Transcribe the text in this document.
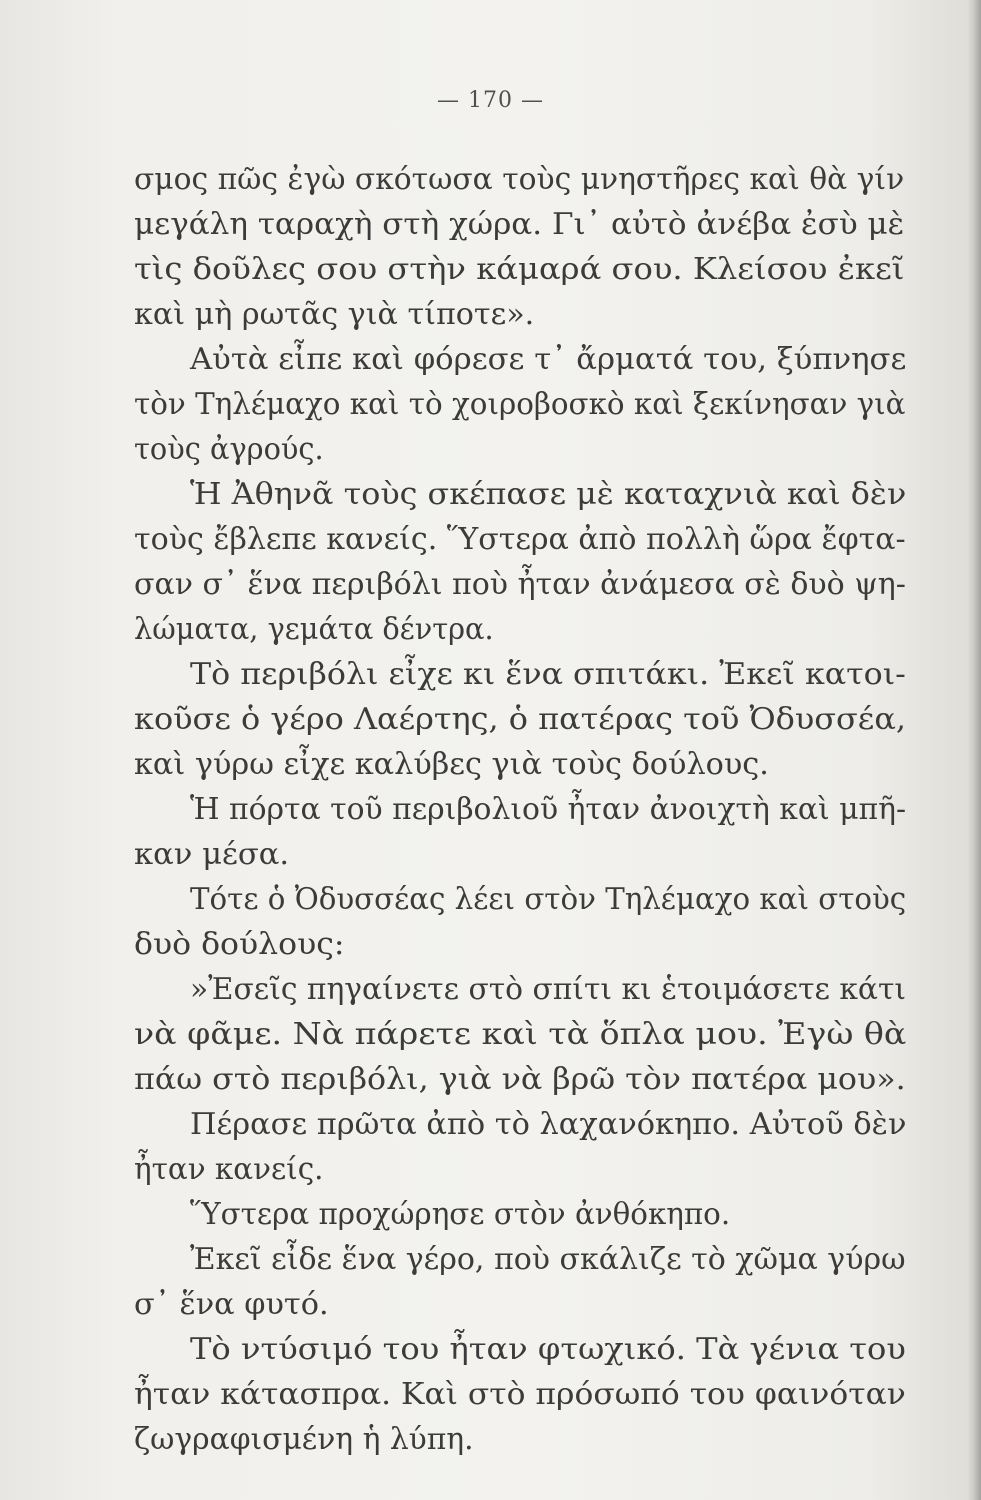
— 170 —
σμος πῶς ἐγὼ σκότωσα τοὺς μνηστῆρες καὶ θὰ γίν
μεγάλη ταραχὴ στὴ χώρα. Γι᾽ αὐτὸ ἀνέβα ἐσὺ μὲ
τὶς δοῦλες σου στὴν κάμαρά σου. Κλείσου ἐκεῖ
καὶ μὴ ρωτᾶς γιὰ τίποτε».
Αὐτὰ εἶπε καὶ φόρεσε τ᾽ ἄρματά του, ξύπνησε
τὸν Τηλέμαχο καὶ τὸ χοιροβοσκὸ καὶ ξεκίνησαν γιὰ
τοὺς ἀγρούς.
Ἡ Ἀθηνᾶ τοὺς σκέπασε μὲ καταχνιὰ καὶ δὲν
τοὺς ἔβλεπε κανείς. Ὕστερα ἀπὸ πολλὴ ὥρα ἔφτα-
σαν σ᾽ ἕνα περιβόλι ποὺ ἦταν ἀνάμεσα σὲ δυὸ ψη-
λώματα, γεμάτα δέντρα.
Τὸ περιβόλι εἶχε κι ἕνα σπιτάκι. Ἐκεῖ κατοι-
κοῦσε ὁ γέρο Λαέρτης, ὁ πατέρας τοῦ Ὀδυσσέα,
καὶ γύρω εἶχε καλύβες γιὰ τοὺς δούλους.
Ἡ πόρτα τοῦ περιβολιοῦ ἦταν ἀνοιχτὴ καὶ μπῆ-
καν μέσα.
Τότε ὁ Ὀδυσσέας λέει στὸν Τηλέμαχο καὶ στοὺς
δυὸ δούλους:
»Ἐσεῖς πηγαίνετε στὸ σπίτι κι ἑτοιμάσετε κάτι
νὰ φᾶμε. Νὰ πάρετε καὶ τὰ ὅπλα μου. Ἐγὼ θὰ
πάω στὸ περιβόλι, γιὰ νὰ βρῶ τὸν πατέρα μου».
Πέρασε πρῶτα ἀπὸ τὸ λαχανόκηπο. Αὐτοῦ δὲν
ἦταν κανείς.
Ὕστερα προχώρησε στὸν ἀνθόκηπο.
Ἐκεῖ εἶδε ἕνα γέρο, ποὺ σκάλιζε τὸ χῶμα γύρω
σ᾽ ἕνα φυτό.
Τὸ ντύσιμό του ἦταν φτωχικό. Τὰ γένια του
ἦταν κάτασπρα. Καὶ στὸ πρόσωπό του φαινόταν
ζωγραφισμένη ἡ λύπη.
